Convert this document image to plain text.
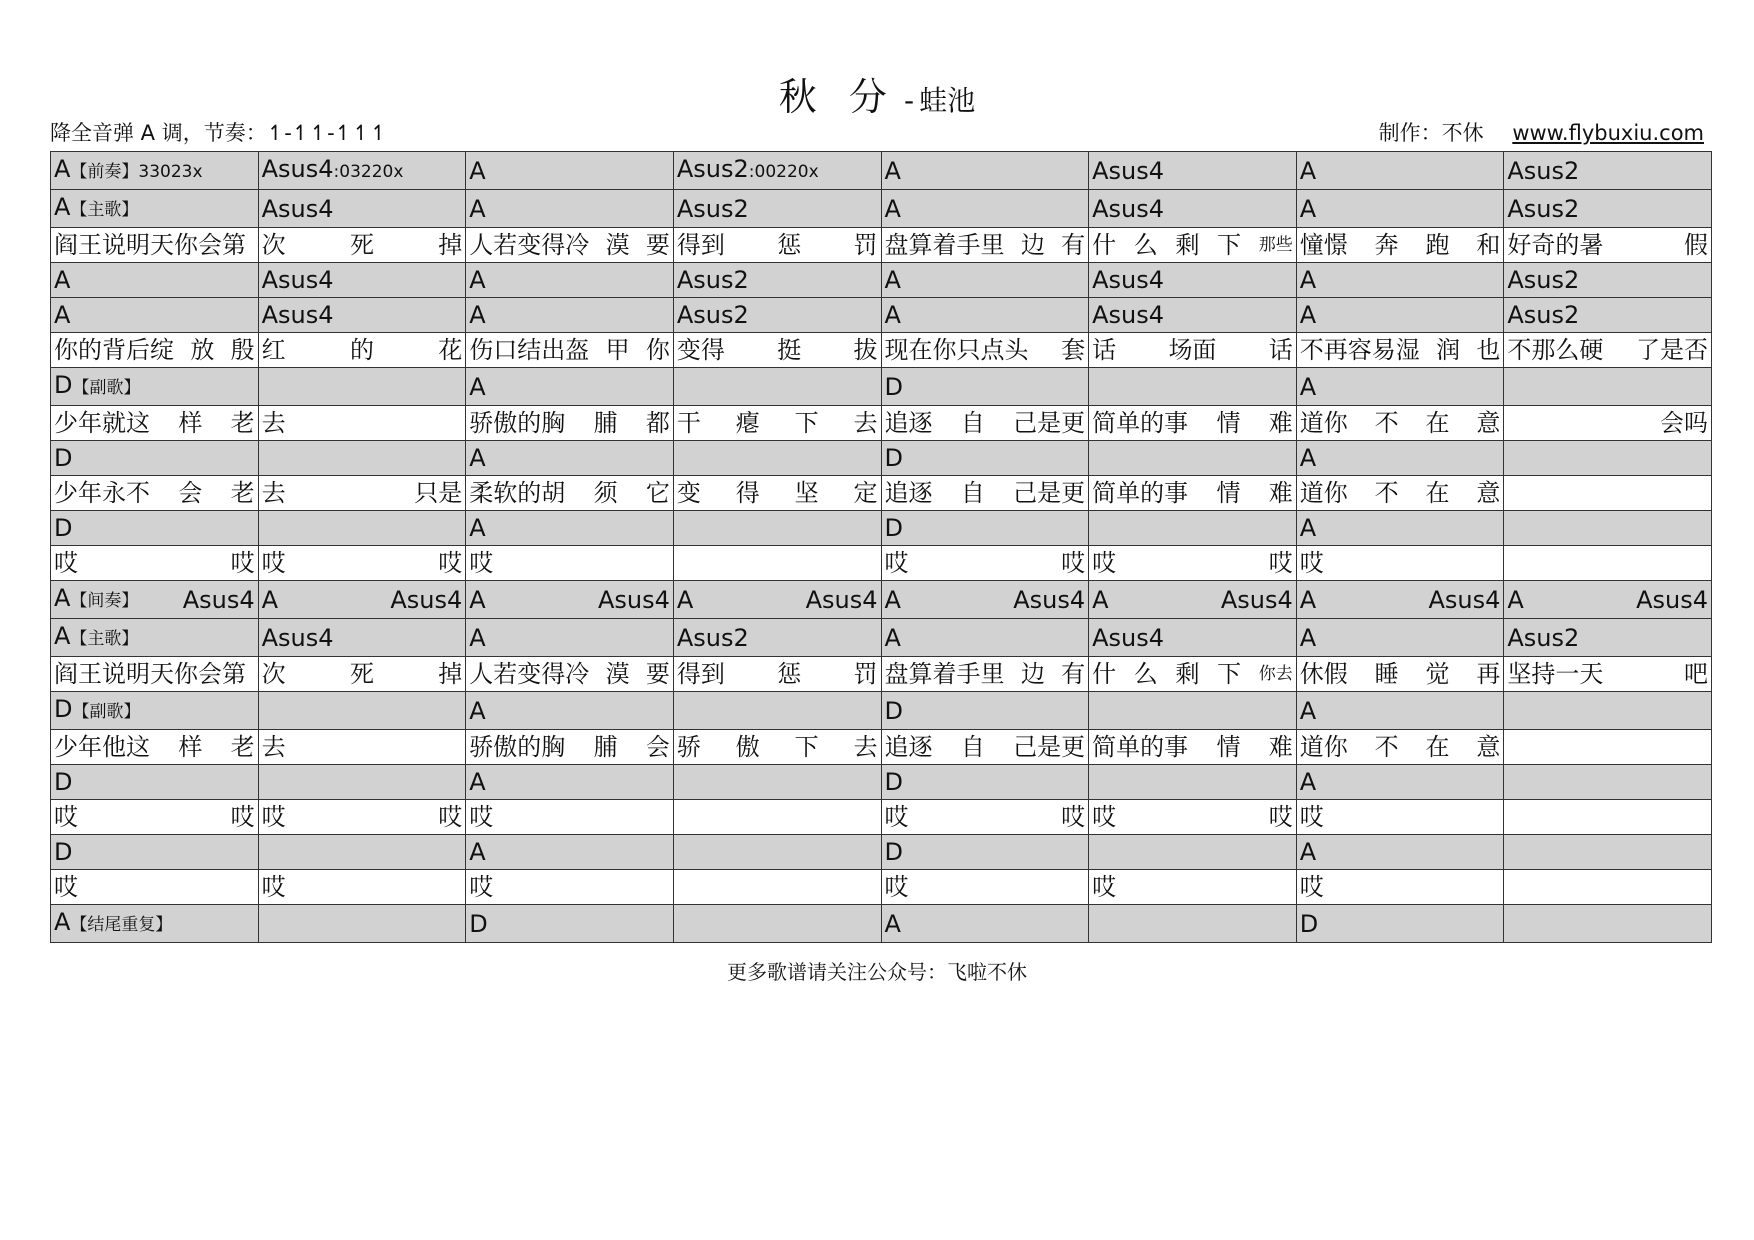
秋 分 - 蛙池
降全音弹 A 调，节奏：↿-↿↿-↿↿↿	制作：不休 www.flybuxiu.com
A【前奏】33023x	Asus4:03220x	A	Asus2:00220x	A	Asus4	A	Asus2

A【主歌】	Asus4	A	Asus2	A	Asus4	A	Asus2

阎王说明天你会第	次 死 掉	人若变得冷 漠 要	得到 惩 罚	盘算着手里 边 有	什 么 剩 下 那些	憧憬 奔 跑 和	好奇的暑 假

A	Asus4	A	Asus2	A	Asus4	A	Asus2

A	Asus4	A	Asus2	A	Asus4	A	Asus2

你的背后绽 放 殷	红 的 花	伤口结出盔 甲 你	变得 挺 拔	现在你只点头 套	话 场面 话	不再容易湿 润 也	不那么硬 了是否

D【副歌】		A		D		A	

少年就这 样 老	去	骄傲的胸 脯 都	干 瘪 下 去	追逐 自 己是更	简单的事 情 难	道你 不 在 意	会吗

D		A		D		A	

少年永不 会 老	去 只是	柔软的胡 须 它	变 得 坚 定	追逐 自 己是更	简单的事 情 难	道你 不 在 意	

D		A		D		A	

哎 哎	哎 哎	哎		哎 哎	哎 哎	哎	

A【间奏】 Asus4	A Asus4	A Asus4	A Asus4	A Asus4	A Asus4	A Asus4	A Asus4

A【主歌】	Asus4	A	Asus2	A	Asus4	A	Asus2

阎王说明天你会第	次 死 掉	人若变得冷 漠 要	得到 惩 罚	盘算着手里 边 有	什 么 剩 下 你去	休假 睡 觉 再	坚持一天 吧

D【副歌】		A		D		A	

少年他这 样 老	去	骄傲的胸 脯 会	骄 傲 下 去	追逐 自 己是更	简单的事 情 难	道你 不 在 意	

D		A		D		A	

哎 哎	哎 哎	哎		哎 哎	哎 哎	哎	

D		A		D		A	

哎	哎	哎		哎	哎	哎	

A【结尾重复】		D		A		D	

更多歌谱请关注公众号：飞啦不休
